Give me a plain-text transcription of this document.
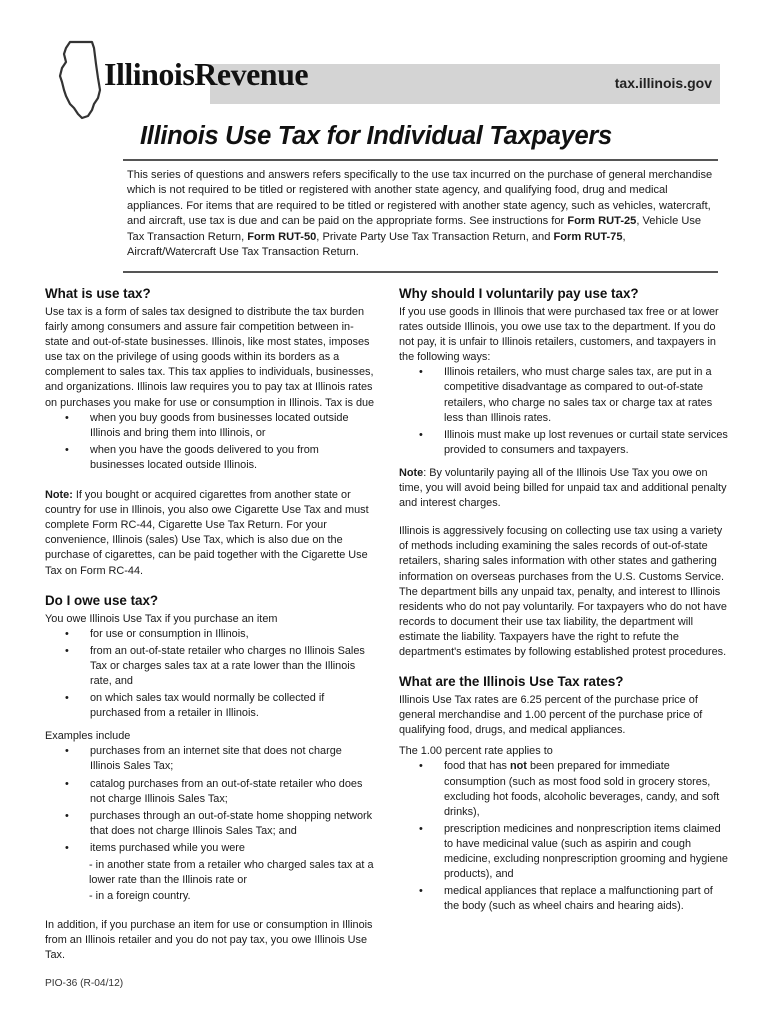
IllinoisRevenue	tax.illinois.gov
Illinois Use Tax for Individual Taxpayers
This series of questions and answers refers specifically to the use tax incurred on the purchase of general merchandise which is not required to be titled or registered with another state agency, and qualifying food, drug and medical appliances. For items that are required to be titled or registered with another state agency, such as vehicles, watercraft, and aircraft, use tax is due and can be paid on the appropriate forms. See instructions for Form RUT-25, Vehicle Use Tax Transaction Return, Form RUT-50, Private Party Use Tax Transaction Return, and Form RUT-75, Aircraft/Watercraft Use Tax Transaction Return.
What is use tax?

Use tax is a form of sales tax designed to distribute the tax burden fairly among consumers and assure fair competition between in-state and out-of-state businesses. Illinois, like most states, imposes use tax on the privilege of using goods within its borders as a complement to sales tax. This tax applies to individuals, businesses, and organizations. Illinois law requires you to pay tax at Illinois rates on purchases you make for use or consumption in Illinois. Tax is due

• when you buy goods from businesses located outside Illinois and bring them into Illinois, or
• when you have the goods delivered to you from businesses located outside Illinois.

Note: If you bought or acquired cigarettes from another state or country for use in Illinois, you also owe Cigarette Use Tax and must complete Form RC-44, Cigarette Use Tax Return. For your convenience, Illinois (sales) Use Tax, which is also due on the purchase of cigarettes, can be paid together with the Cigarette Use Tax on Form RC-44.

Do I owe use tax?

You owe Illinois Use Tax if you purchase an item

• for use or consumption in Illinois,
• from an out-of-state retailer who charges no Illinois Sales Tax or charges sales tax at a rate lower than the Illinois rate, and
• on which sales tax would normally be collected if purchased from a retailer in Illinois.

Examples include

• purchases from an internet site that does not charge Illinois Sales Tax;
• catalog purchases from an out-of-state retailer who does not charge Illinois Sales Tax;
• purchases through an out-of-state home shopping network that does not charge Illinois Sales Tax; and
• items purchased while you were
- in another state from a retailer who charged sales tax at a lower rate than the Illinois rate or
- in a foreign country.

In addition, if you purchase an item for use or consumption in Illinois from an Illinois retailer and you do not pay tax, you owe Illinois Use Tax.

Why should I voluntarily pay use tax?

If you use goods in Illinois that were purchased tax free or at lower rates outside Illinois, you owe use tax to the department. If you do not pay, it is unfair to Illinois retailers, customers, and taxpayers in the following ways:

• Illinois retailers, who must charge sales tax, are put in a competitive disadvantage as compared to out-of-state retailers, who charge no sales tax or charge tax at rates less than Illinois rates.
• Illinois must make up lost revenues or curtail state services provided to consumers and taxpayers.

Note: By voluntarily paying all of the Illinois Use Tax you owe on time, you will avoid being billed for unpaid tax and additional penalty and interest charges.

Illinois is aggressively focusing on collecting use tax using a variety of methods including examining the sales records of out-of-state retailers, sharing sales information with other states and gathering information on overseas purchases from the U.S. Customs Service. The department bills any unpaid tax, penalty, and interest to Illinois residents who do not pay voluntarily. For taxpayers who do not have records to document their use tax liability, the department will estimate the liability. Taxpayers have the right to refute the department's estimates by following established protest procedures.

What are the Illinois Use Tax rates?

Illinois Use Tax rates are 6.25 percent of the purchase price of general merchandise and 1.00 percent of the purchase price of qualifying food, drugs, and medical appliances.

The 1.00 percent rate applies to

• food that has not been prepared for immediate consumption (such as most food sold in grocery stores, excluding hot foods, alcoholic beverages, candy, and soft drinks),
• prescription medicines and nonprescription items claimed to have medicinal value (such as aspirin and cough medicine, excluding nonprescription grooming and hygiene products), and
• medical appliances that replace a malfunctioning part of the body (such as wheel chairs and hearing aids).
PIO-36 (R-04/12)
